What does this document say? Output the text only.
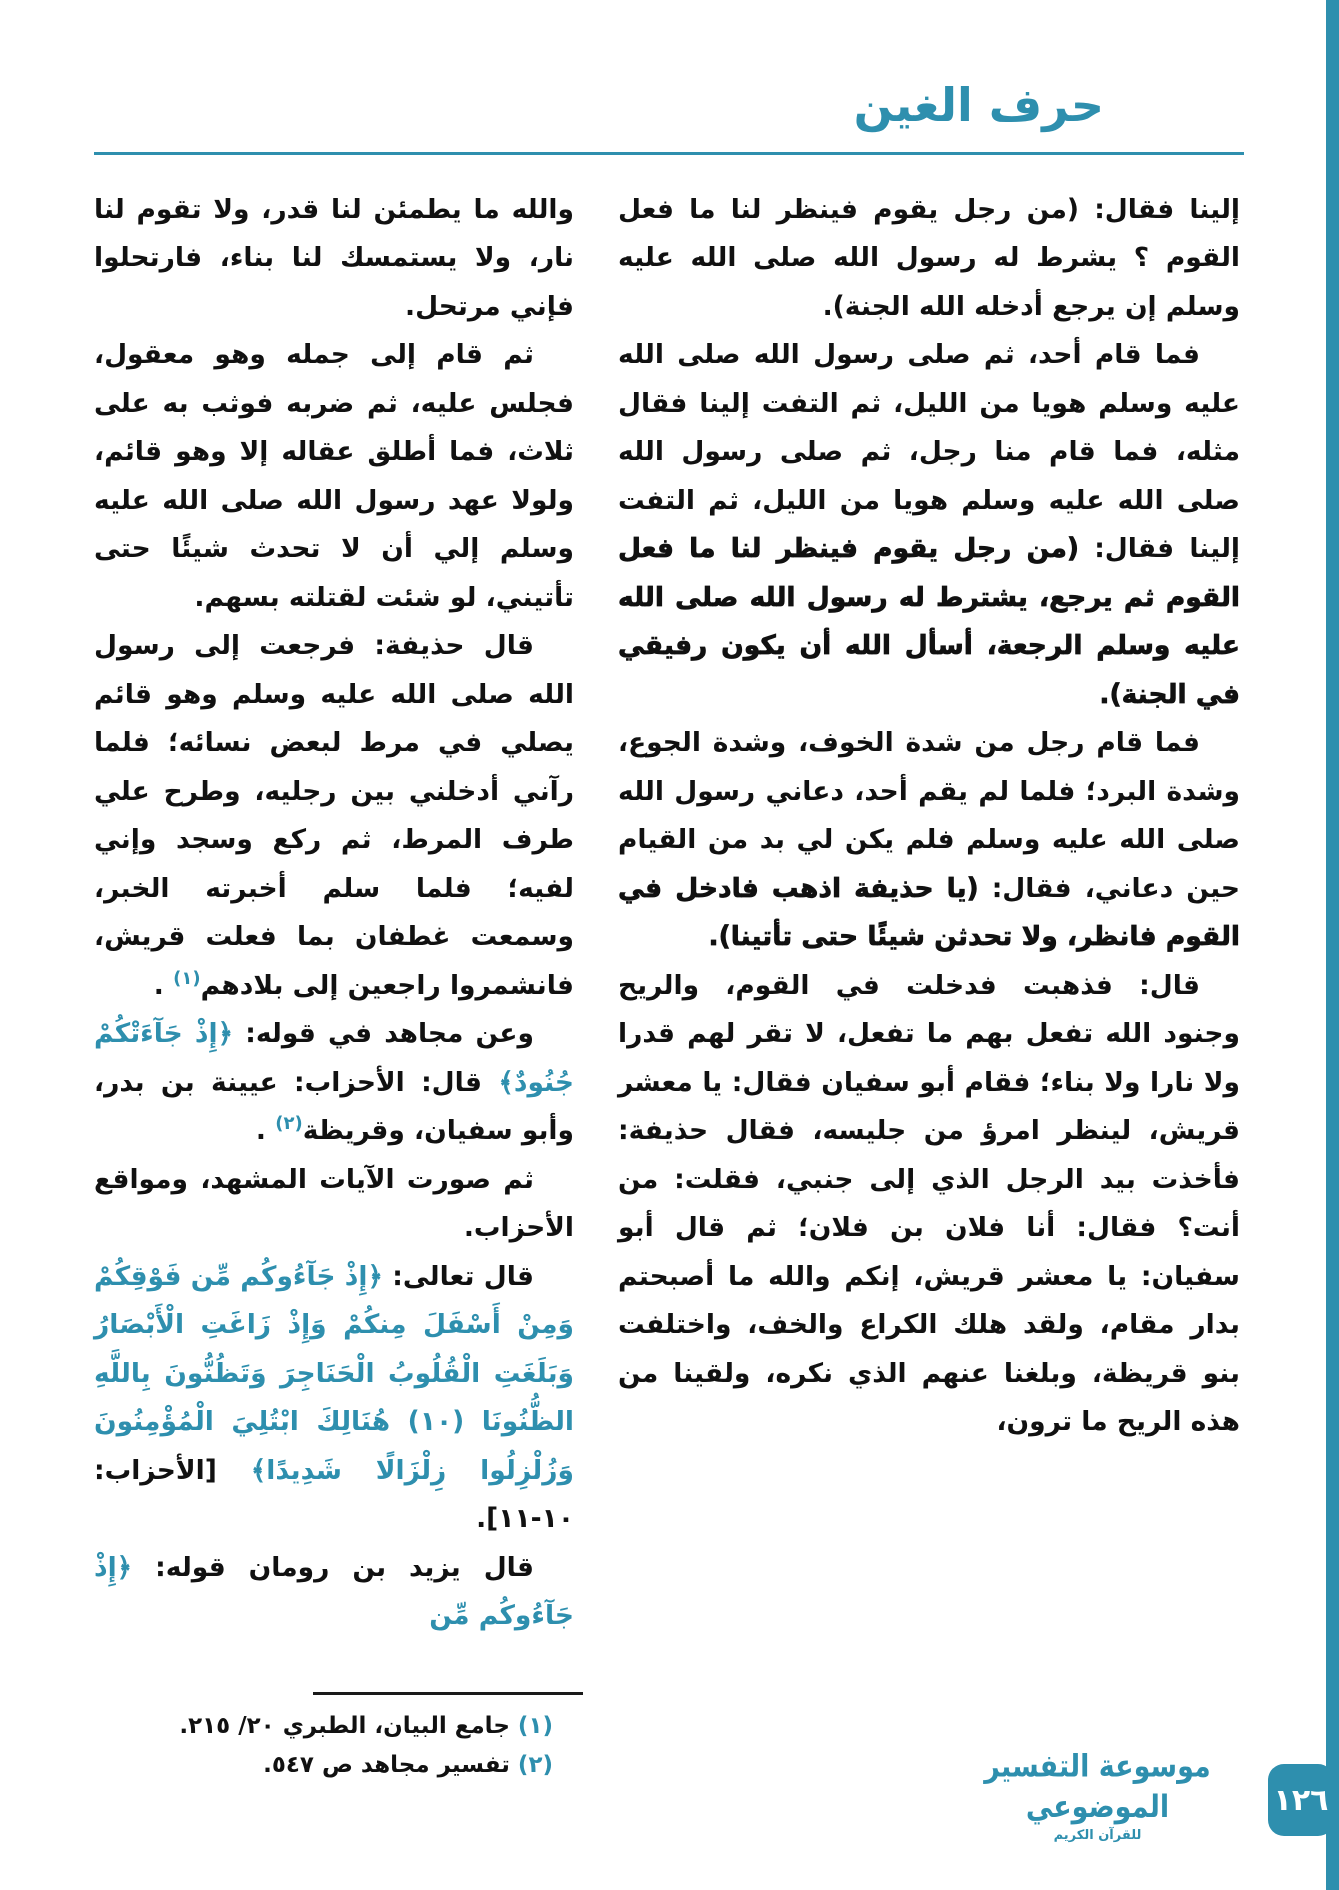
حرف الغين

إلينا فقال: (من رجل يقوم فينظر لنا ما فعل القوم ؟ يشرط له رسول الله صلى الله عليه وسلم إن يرجع أدخله الله الجنة).

فما قام أحد، ثم صلى رسول الله صلى الله عليه وسلم هويا من الليل، ثم التفت إلينا فقال مثله، فما قام منا رجل، ثم صلى رسول الله صلى الله عليه وسلم هويا من الليل، ثم التفت إلينا فقال: (من رجل يقوم فينظر لنا ما فعل القوم ثم يرجع، يشترط له رسول الله صلى الله عليه وسلم الرجعة، أسأل الله أن يكون رفيقي في الجنة).

فما قام رجل من شدة الخوف، وشدة الجوع، وشدة البرد؛ فلما لم يقم أحد، دعاني رسول الله صلى الله عليه وسلم فلم يكن لي بد من القيام حين دعاني، فقال: (يا حذيفة اذهب فادخل في القوم فانظر، ولا تحدثن شيئًا حتى تأتينا).

قال: فذهبت فدخلت في القوم، والريح وجنود الله تفعل بهم ما تفعل، لا تقر لهم قدرا ولا نارا ولا بناء؛ فقام أبو سفيان فقال: يا معشر قريش، لينظر امرؤ من جليسه، فقال حذيفة: فأخذت بيد الرجل الذي إلى جنبي، فقلت: من أنت؟ فقال: أنا فلان بن فلان؛ ثم قال أبو سفيان: يا معشر قريش، إنكم والله ما أصبحتم بدار مقام، ولقد هلك الكراع والخف، واختلفت بنو قريظة، وبلغنا عنهم الذي نكره، ولقينا من هذه الريح ما ترون،

والله ما يطمئن لنا قدر، ولا تقوم لنا نار، ولا يستمسك لنا بناء، فارتحلوا فإني مرتحل.

ثم قام إلى جمله وهو معقول، فجلس عليه، ثم ضربه فوثب به على ثلاث، فما أطلق عقاله إلا وهو قائم، ولولا عهد رسول الله صلى الله عليه وسلم إلي أن لا تحدث شيئًا حتى تأتيني، لو شئت لقتلته بسهم.

قال حذيفة: فرجعت إلى رسول الله صلى الله عليه وسلم وهو قائم يصلي في مرط لبعض نسائه؛ فلما رآني أدخلني بين رجليه، وطرح علي طرف المرط، ثم ركع وسجد وإني لفيه؛ فلما سلم أخبرته الخبر، وسمعت غطفان بما فعلت قريش، فانشمروا راجعين إلى بلادهم$^{(١)}$ .

وعن مجاهد في قوله: ﴿إِذْ جَآءَتْكُمْ جُنُودٌ﴾ قال: الأحزاب: عيينة بن بدر، وأبو سفيان، وقريظة$^{(٢)}$ .

ثم صورت الآيات المشهد، ومواقع الأحزاب.

قال تعالى: ﴿إِذْ جَآءُوكُم مِّن فَوْقِكُمْ وَمِنْ أَسْفَلَ مِنكُمْ وَإِذْ زَاغَتِ الْأَبْصَارُ وَبَلَغَتِ الْقُلُوبُ الْحَنَاجِرَ وَتَظُنُّونَ بِاللَّهِ الظُّنُونَا (١٠) هُنَالِكَ ابْتُلِيَ الْمُؤْمِنُونَ وَزُلْزِلُوا زِلْزَالًا شَدِيدًا﴾ [الأحزاب: ١٠-١١].

قال يزيد بن رومان قوله: ﴿إِذْ جَآءُوكُم مِّن

(١) جامع البيان، الطبري ٢٠/ ٢١٥.
(٢) تفسير مجاهد ص ٥٤٧.	موسوعة التفسير الموضوعي
للقرآن الكريم
١٢٦
